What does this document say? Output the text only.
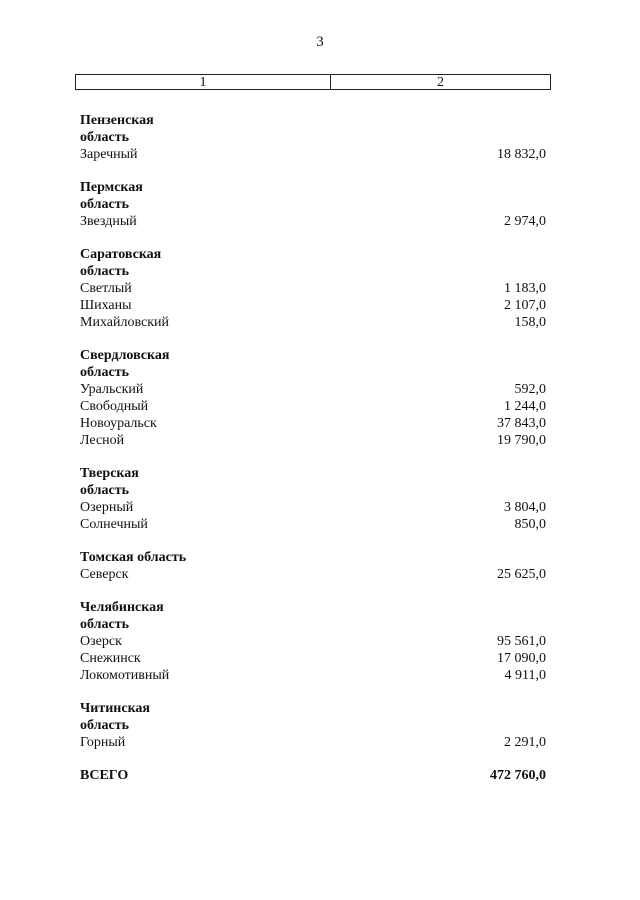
3
1	2
Пензенская область
Заречный	18 832,0
Пермская область
Звездный	2 974,0
Саратовская область
Светлый	1 183,0
Шиханы	2 107,0
Михайловский	158,0
Свердловская область
Уральский	592,0
Свободный	1 244,0
Новоуральск	37 843,0
Лесной	19 790,0
Тверская область
Озерный	3 804,0
Солнечный	850,0
Томская область
Северск	25 625,0
Челябинская область
Озерск	95 561,0
Снежинск	17 090,0
Локомотивный	4 911,0
Читинская область
Горный	2 291,0
ВСЕГО	472 760,0
